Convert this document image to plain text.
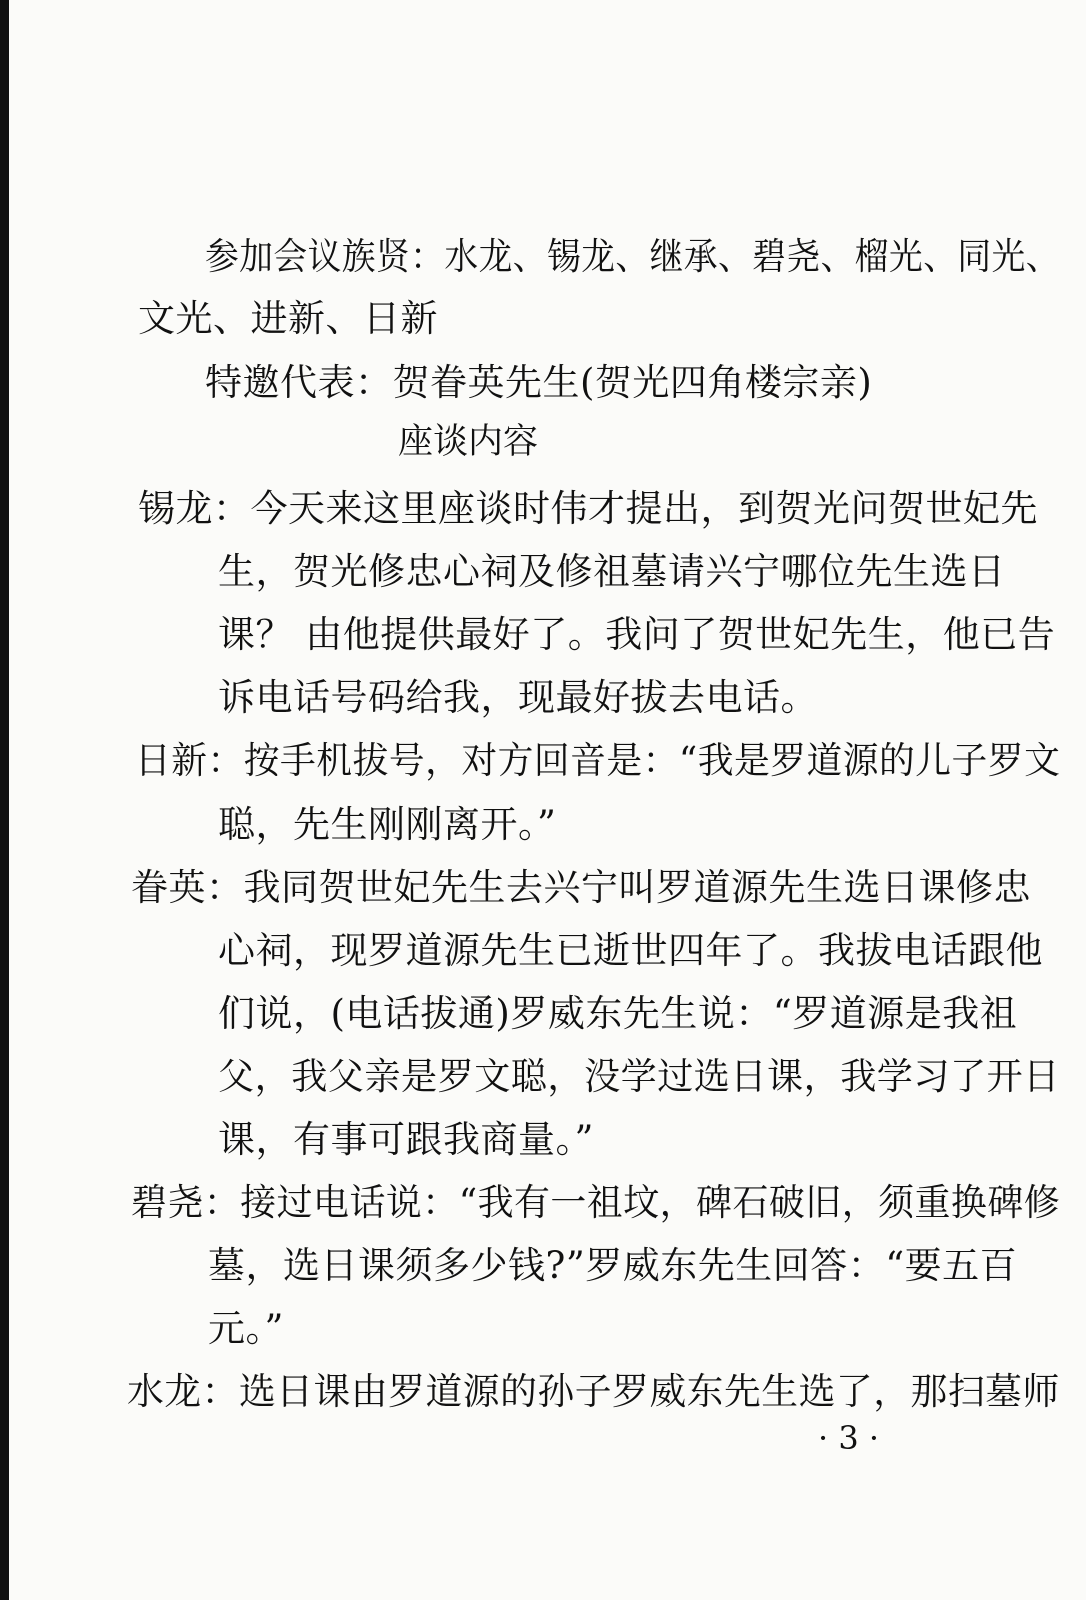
参加会议族贤：水龙、锡龙、继承、碧尧、榴光、同光、
文光、进新、日新
特邀代表：贺眷英先生(贺光四角楼宗亲)
座谈内容
锡龙：今天来这里座谈时伟才提出，到贺光问贺世妃先
生，贺光修忠心祠及修祖墓请兴宁哪位先生选日
课？ 由他提供最好了。我问了贺世妃先生，他已告
诉电话号码给我，现最好拔去电话。
日新：按手机拔号，对方回音是：“我是罗道源的儿子罗文
聪，先生刚刚离开。”
眷英：我同贺世妃先生去兴宁叫罗道源先生选日课修忠
心祠，现罗道源先生已逝世四年了。我拔电话跟他
们说，(电话拔通)罗威东先生说：“罗道源是我祖
父，我父亲是罗文聪，没学过选日课，我学习了开日
课，有事可跟我商量。”
碧尧：接过电话说：“我有一祖坟，碑石破旧，须重换碑修
墓，选日课须多少钱?”罗威东先生回答：“要五百
元。”
水龙：选日课由罗道源的孙子罗威东先生选了，那扫墓师
· 3 ·
